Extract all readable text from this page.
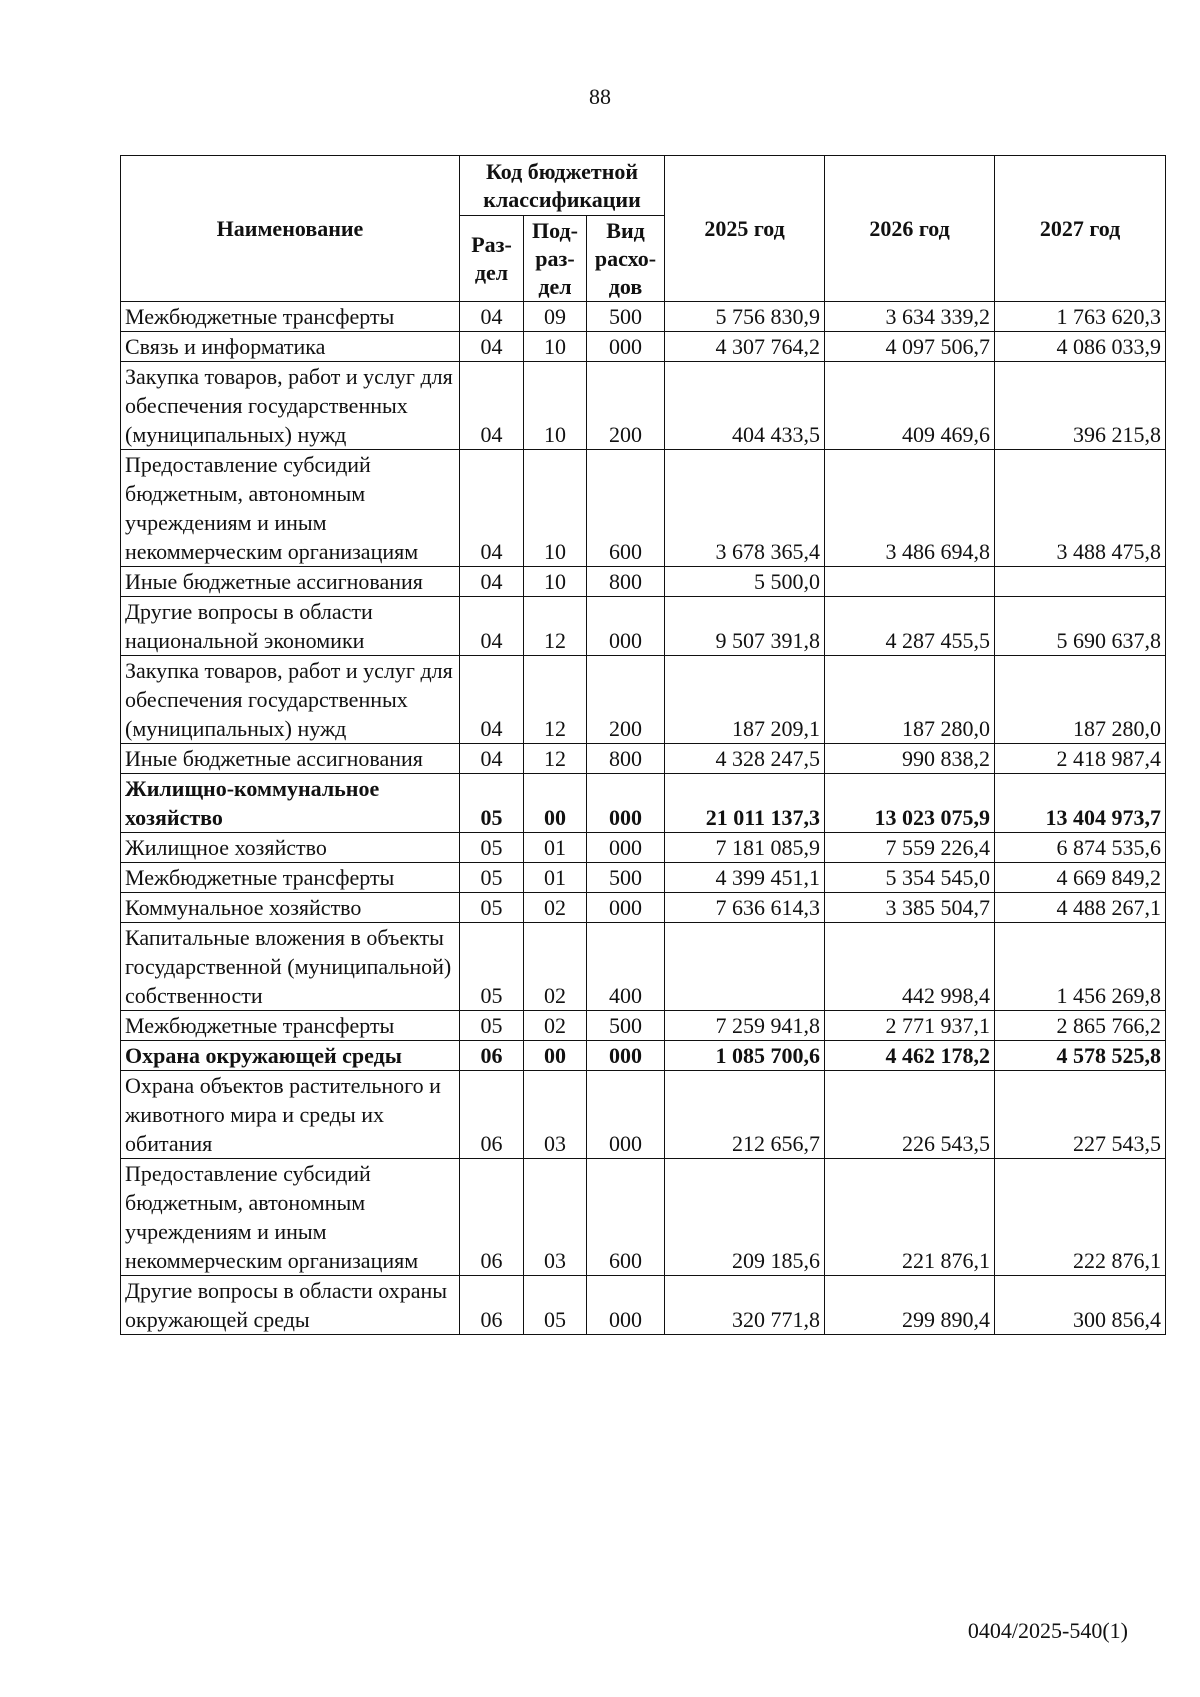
88
Наименование	Код бюджетной классификации			2025 год	2026 год	2027 год
	Раз-дел	Под-раз-дел	Вид расхо-дов			
Межбюджетные трансферты	04	09	500	5 756 830,9	3 634 339,2	1 763 620,3
Связь и информатика	04	10	000	4 307 764,2	4 097 506,7	4 086 033,9
Закупка товаров, работ и услуг для обеспечения государственных (муниципальных) нужд	04	10	200	404 433,5	409 469,6	396 215,8
Предоставление субсидий бюджетным, автономным учреждениям и иным некоммерческим организациям	04	10	600	3 678 365,4	3 486 694,8	3 488 475,8
Иные бюджетные ассигнования	04	10	800	5 500,0		
Другие вопросы в области национальной экономики	04	12	000	9 507 391,8	4 287 455,5	5 690 637,8
Закупка товаров, работ и услуг для обеспечения государственных (муниципальных) нужд	04	12	200	187 209,1	187 280,0	187 280,0
Иные бюджетные ассигнования	04	12	800	4 328 247,5	990 838,2	2 418 987,4
Жилищно-коммунальное хозяйство	05	00	000	21 011 137,3	13 023 075,9	13 404 973,7
Жилищное хозяйство	05	01	000	7 181 085,9	7 559 226,4	6 874 535,6
Межбюджетные трансферты	05	01	500	4 399 451,1	5 354 545,0	4 669 849,2
Коммунальное хозяйство	05	02	000	7 636 614,3	3 385 504,7	4 488 267,1
Капитальные вложения в объекты государственной (муниципальной) собственности	05	02	400		442 998,4	1 456 269,8
Межбюджетные трансферты	05	02	500	7 259 941,8	2 771 937,1	2 865 766,2
Охрана окружающей среды	06	00	000	1 085 700,6	4 462 178,2	4 578 525,8
Охрана объектов растительного и животного мира и среды их обитания	06	03	000	212 656,7	226 543,5	227 543,5
Предоставление субсидий бюджетным, автономным учреждениям и иным некоммерческим организациям	06	03	600	209 185,6	221 876,1	222 876,1
Другие вопросы в области охраны окружающей среды	06	05	000	320 771,8	299 890,4	300 856,4
0404/2025-540(1)
